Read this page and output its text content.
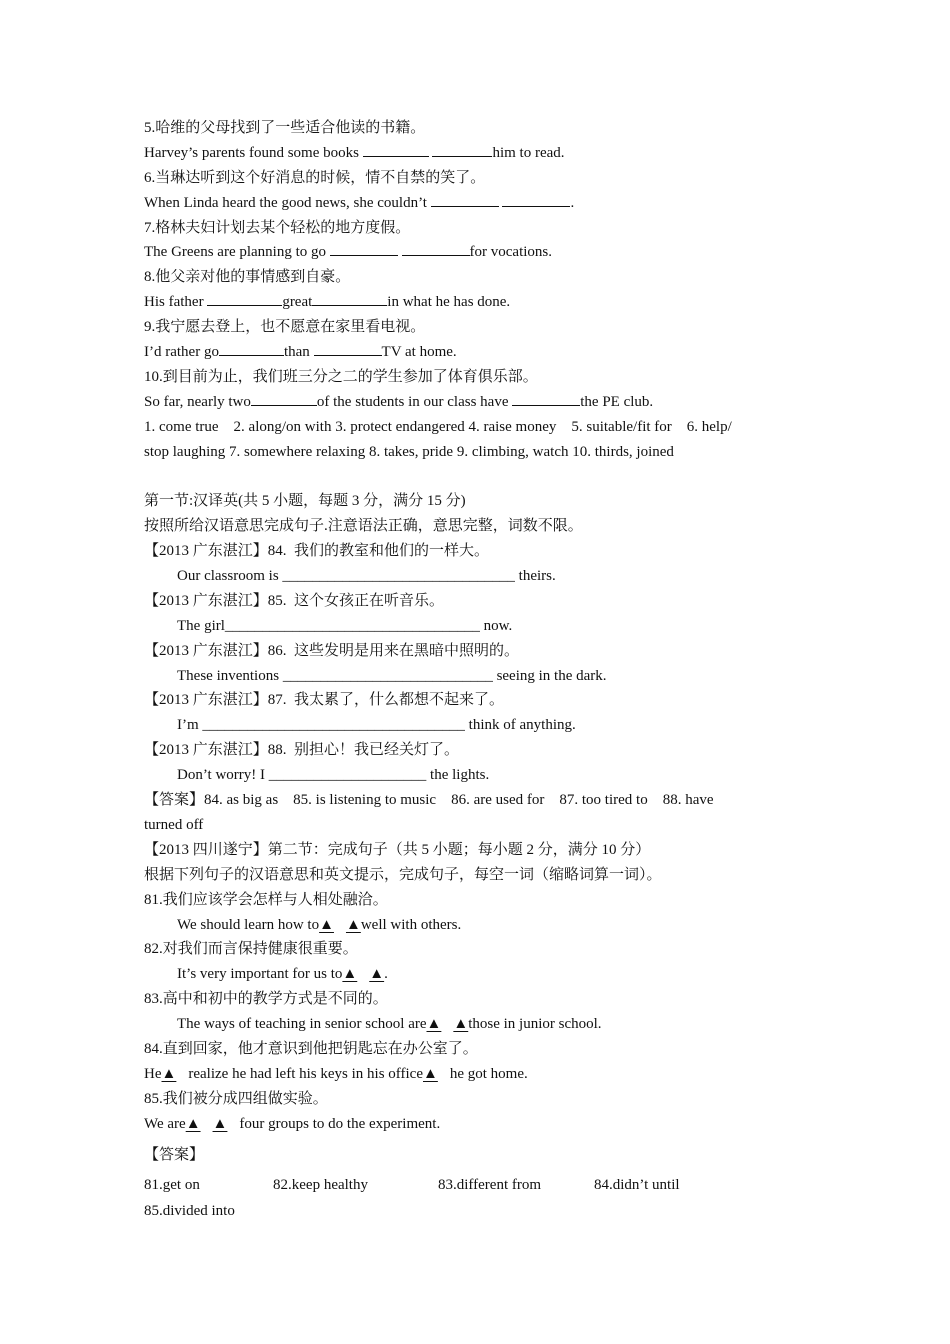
5.哈维的父母找到了一些适合他读的书籍。
Harvey’s parents found some books	him to read.
6.当琳达听到这个好消息的时候，情不自禁的笑了。
When Linda heard the good news, she couldn’t	.
7.格林夫妇计划去某个轻松的地方度假。
The Greens are planning to go	for vocations.
8.他父亲对他的事情感到自豪。
His father	great	in what he has done.
9.我宁愿去登上，也不愿意在家里看电视。
I’d rather go	than	TV at home.
10.到目前为止，我们班三分之二的学生参加了体育俱乐部。
So far, nearly two	of the students in our class have	the PE club.
1. come true    2. along/on with 3. protect endangered 4. raise money    5. suitable/fit for    6. help/
stop laughing 7. somewhere relaxing 8. takes, pride 9. climbing, watch 10. thirds, joined
第一节:汉译英(共 5 小题，每题 3 分，满分 15 分)
按照所给汉语意思完成句子.注意语法正确，意思完整，词数不限。
【2013 广东湛江】84.  我们的教室和他们的一样大。
Our classroom is _______________________________ theirs.
【2013 广东湛江】85.  这个女孩正在听音乐。
The girl__________________________________ now.
【2013 广东湛江】86.  这些发明是用来在黑暗中照明的。
These inventions ____________________________ seeing in the dark.
【2013 广东湛江】87.  我太累了，什么都想不起来了。
I’m ___________________________________ think of anything.
【2013 广东湛江】88.  别担心！我已经关灯了。
Don’t worry! I _____________________ the lights.
【答案】84. as big as    85. is listening to music    86. are used for    87. too tired to    88. have
turned off
【2013 四川遂宁】第二节：完成句子（共 5 小题；每小题 2 分，满分 10 分）
根据下列句子的汉语意思和英文提示，完成句子，每空一词（缩略词算一词）。
81.我们应该学会怎样与人相处融洽。
We should learn how to▲ ▲well with others.
82.对我们而言保持健康很重要。
It’s very important for us to▲ ▲.
83.高中和初中的教学方式是不同的。
The ways of teaching in senior school are▲ ▲those in junior school.
84.直到回家，他才意识到他把钥匙忘在办公室了。
He▲ realize he had left his keys in his office▲ he got home.
85.我们被分成四组做实验。
We are▲ ▲ four groups to do the experiment.
【答案】
81.get on	82.keep healthy	83.different from	84.didn’t until
85.divided into
